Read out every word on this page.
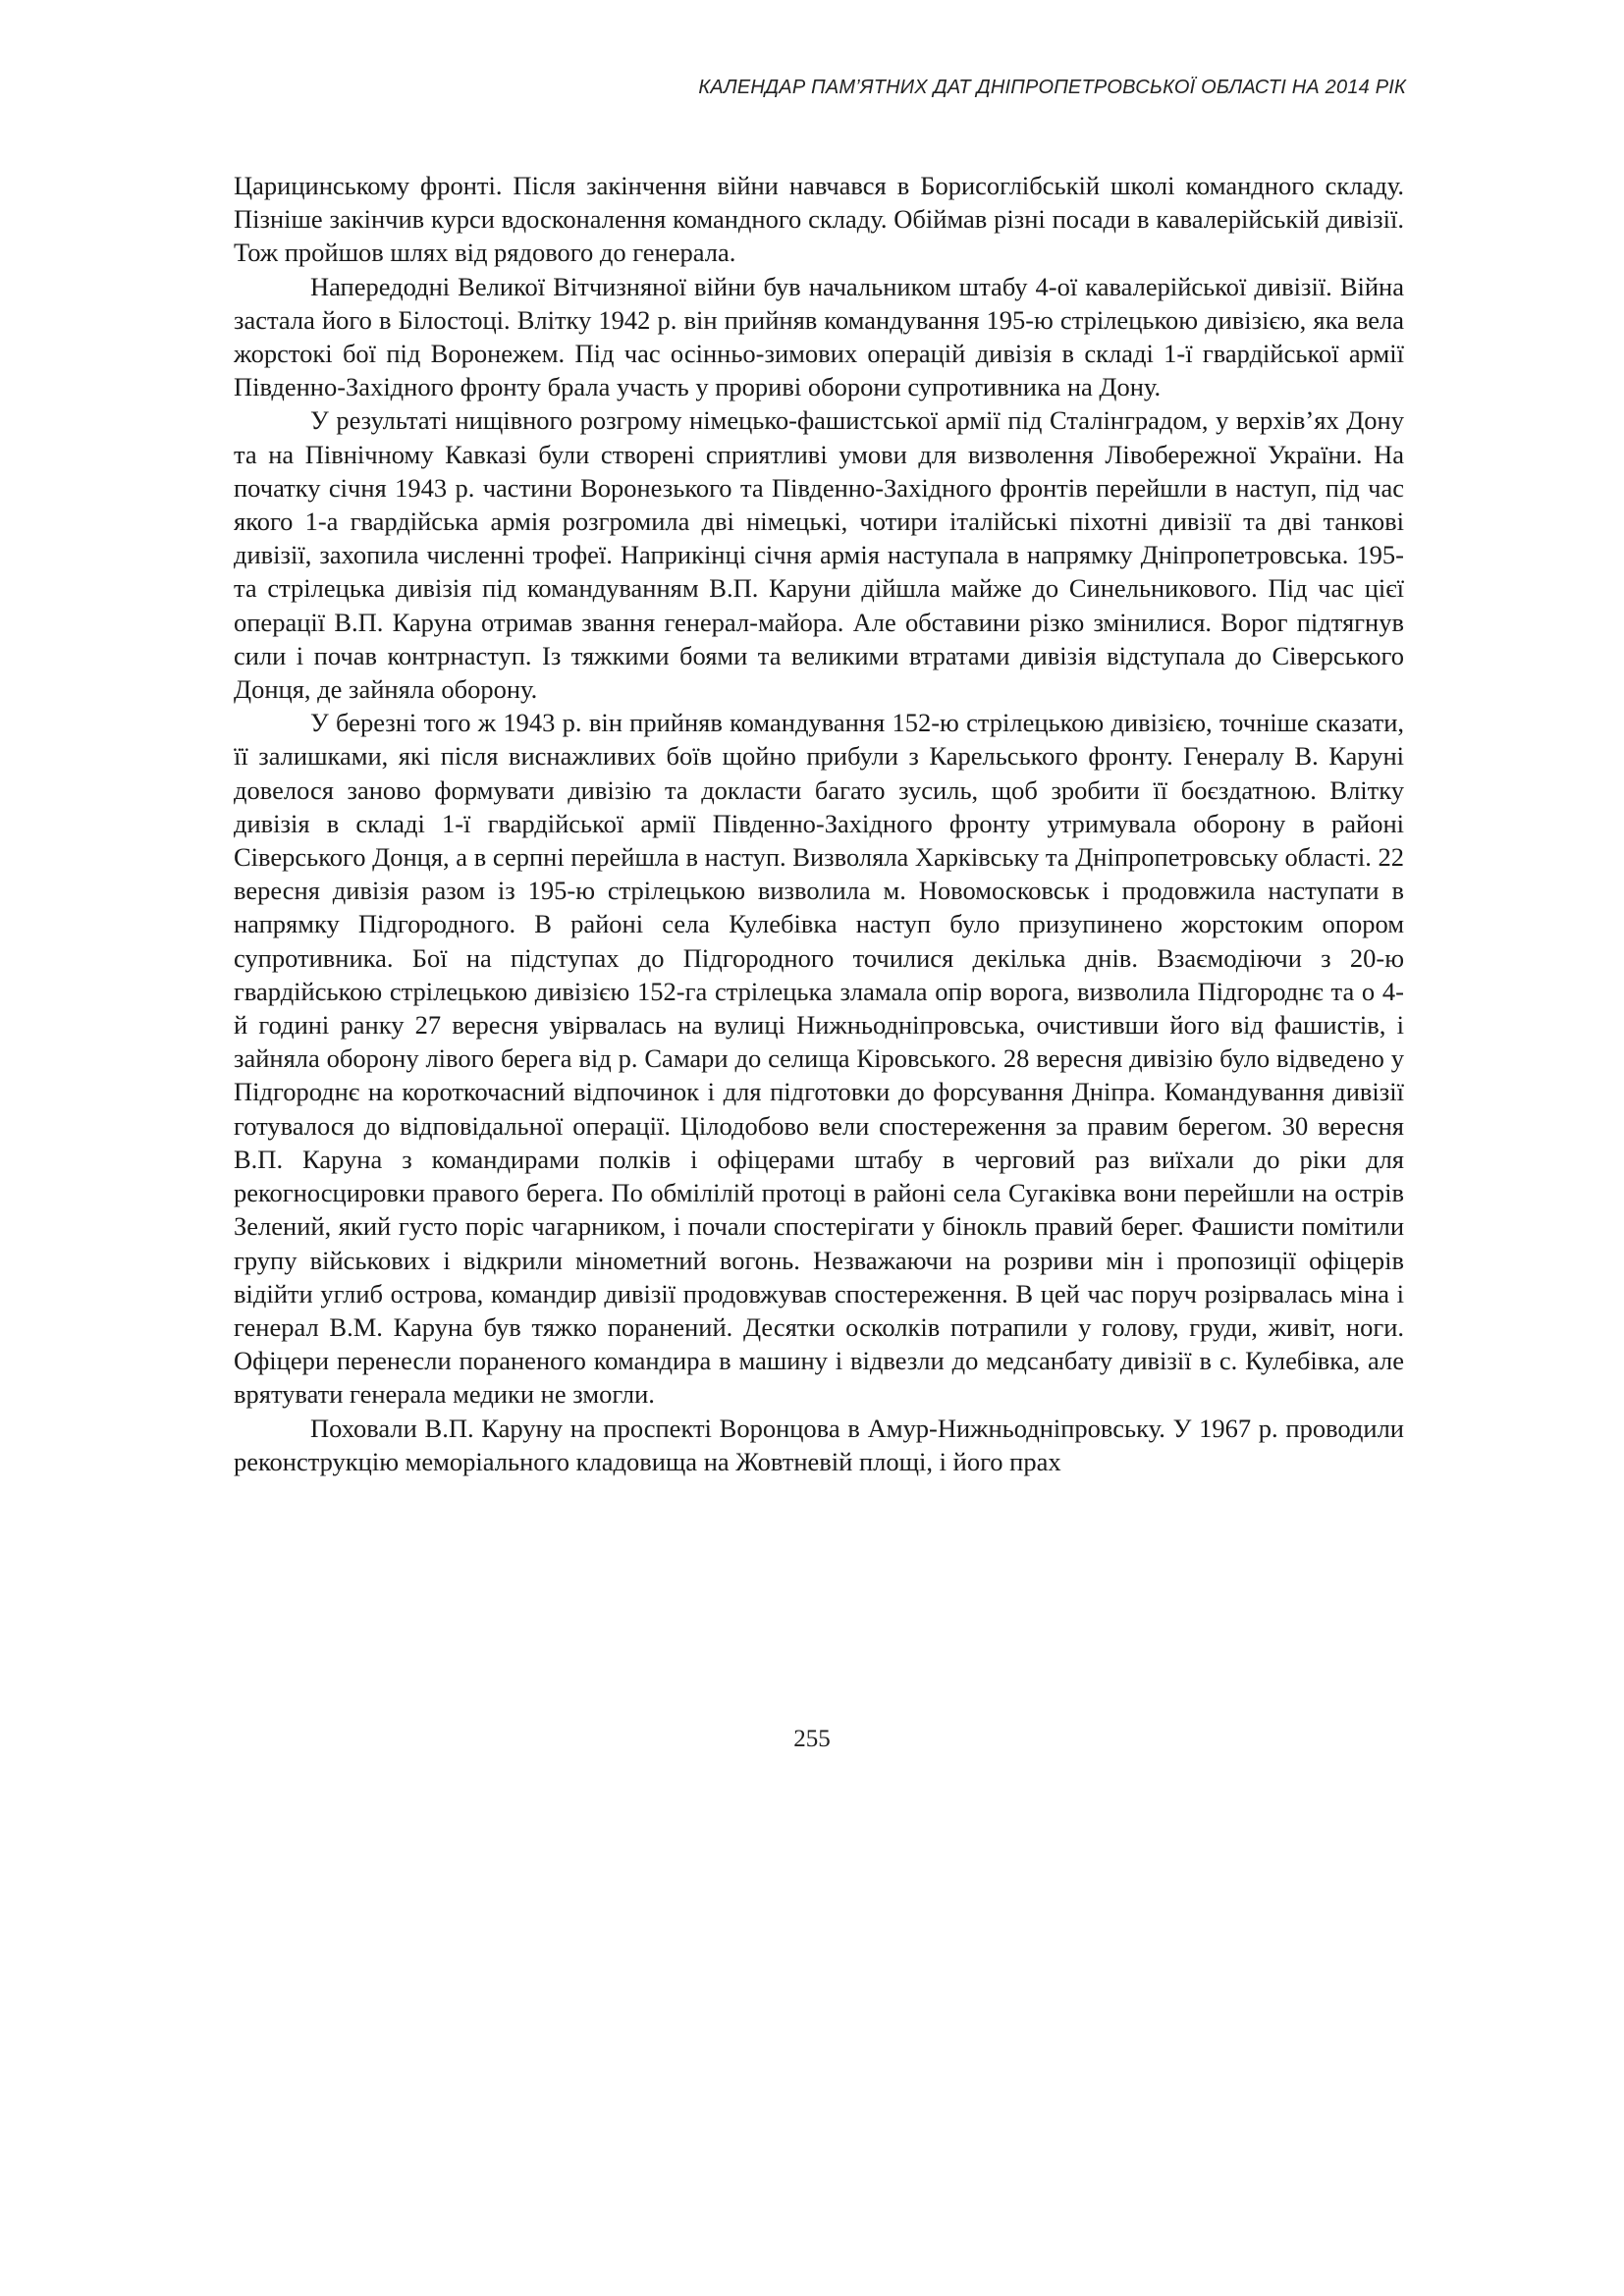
КАЛЕНДАР ПАМ’ЯТНИХ ДАТ ДНІПРОПЕТРОВСЬКОЇ ОБЛАСТІ НА 2014 РІК

Царицинському фронті. Після закінчення війни навчався в Борисоглібській школі командного складу. Пізніше закінчив курси вдосконалення командного складу. Обіймав різні посади в кавалерійській дивізії. Тож пройшов шлях від рядового до генерала.

Напередодні Великої Вітчизняної війни був начальником штабу 4-ої кавалерійської дивізії. Війна застала його в Білостоці. Влітку 1942 р. він прийняв командування 195-ю стрілецькою дивізією, яка вела жорстокі бої під Воронежем. Під час осінньо-зимових операцій дивізія в складі 1-ї гвардійської армії Південно-Західного фронту брала участь у прориві оборони супротивника на Дону.

У результаті нищівного розгрому німецько-фашистської армії під Сталінградом, у верхів’ях Дону та на Північному Кавказі були створені сприятливі умови для визволення Лівобережної України. На початку січня 1943 р. частини Воронезького та Південно-Західного фронтів перейшли в наступ, під час якого 1-а гвардійська армія розгромила дві німецькі, чотири італійські піхотні дивізії та дві танкові дивізії, захопила численні трофеї. Наприкінці січня армія наступала в напрямку Дніпропетровська. 195-та стрілецька дивізія під командуванням В.П. Каруни дійшла майже до Синельникового. Під час цієї операції В.П. Каруна отримав звання генерал-майора. Але обставини різко змінилися. Ворог підтягнув сили і почав контрнаступ. Із тяжкими боями та великими втратами дивізія відступала до Сіверського Донця, де зайняла оборону.

У березні того ж 1943 р. він прийняв командування 152-ю стрілецькою дивізією, точніше сказати, її залишками, які після виснажливих боїв щойно прибули з Карельського фронту. Генералу В. Каруні довелося заново формувати дивізію та докласти багато зусиль, щоб зробити її боєздатною. Влітку дивізія в складі 1-ї гвардійської армії Південно-Західного фронту утримувала оборону в районі Сіверського Донця, а в серпні перейшла в наступ. Визволяла Харківську та Дніпропетровську області. 22 вересня дивізія разом із 195-ю стрілецькою визволила м. Новомосковськ і продовжила наступати в напрямку Підгородного. В районі села Кулебівка наступ було призупинено жорстоким опором супротивника. Бої на підступах до Підгородного точилися декілька днів. Взаємодіючи з 20-ю гвардійською стрілецькою дивізією 152-га стрілецька зламала опір ворога, визволила Підгороднє та о 4-й годині ранку 27 вересня увірвалась на вулиці Нижньодніпровська, очистивши його від фашистів, і зайняла оборону лівого берега від р. Самари до селища Кіровського. 28 вересня дивізію було відведено у Підгороднє на короткочасний відпочинок і для підготовки до форсування Дніпра. Командування дивізії готувалося до відповідальної операції. Цілодобово вели спостереження за правим берегом. 30 вересня В.П. Каруна з командирами полків і офіцерами штабу в черговий раз виїхали до ріки для рекогносцировки правого берега. По обмілілій протоці в районі села Сугаківка вони перейшли на острів Зелений, який густо поріс чагарником, і почали спостерігати у бінокль правий берег. Фашисти помітили групу військових і відкрили мінометний вогонь. Незважаючи на розриви мін і пропозиції офіцерів відійти углиб острова, командир дивізії продовжував спостереження. В цей час поруч розірвалась міна і генерал В.М. Каруна був тяжко поранений. Десятки осколків потрапили у голову, груди, живіт, ноги. Офіцери перенесли пораненого командира в машину і відвезли до медсанбату дивізії в с. Кулебівка, але врятувати генерала медики не змогли.

Поховали В.П. Каруну на проспекті Воронцова в Амур-Нижньодніпровську. У 1967 р. проводили реконструкцію меморіального кладовища на Жовтневій площі, і його прах

255
